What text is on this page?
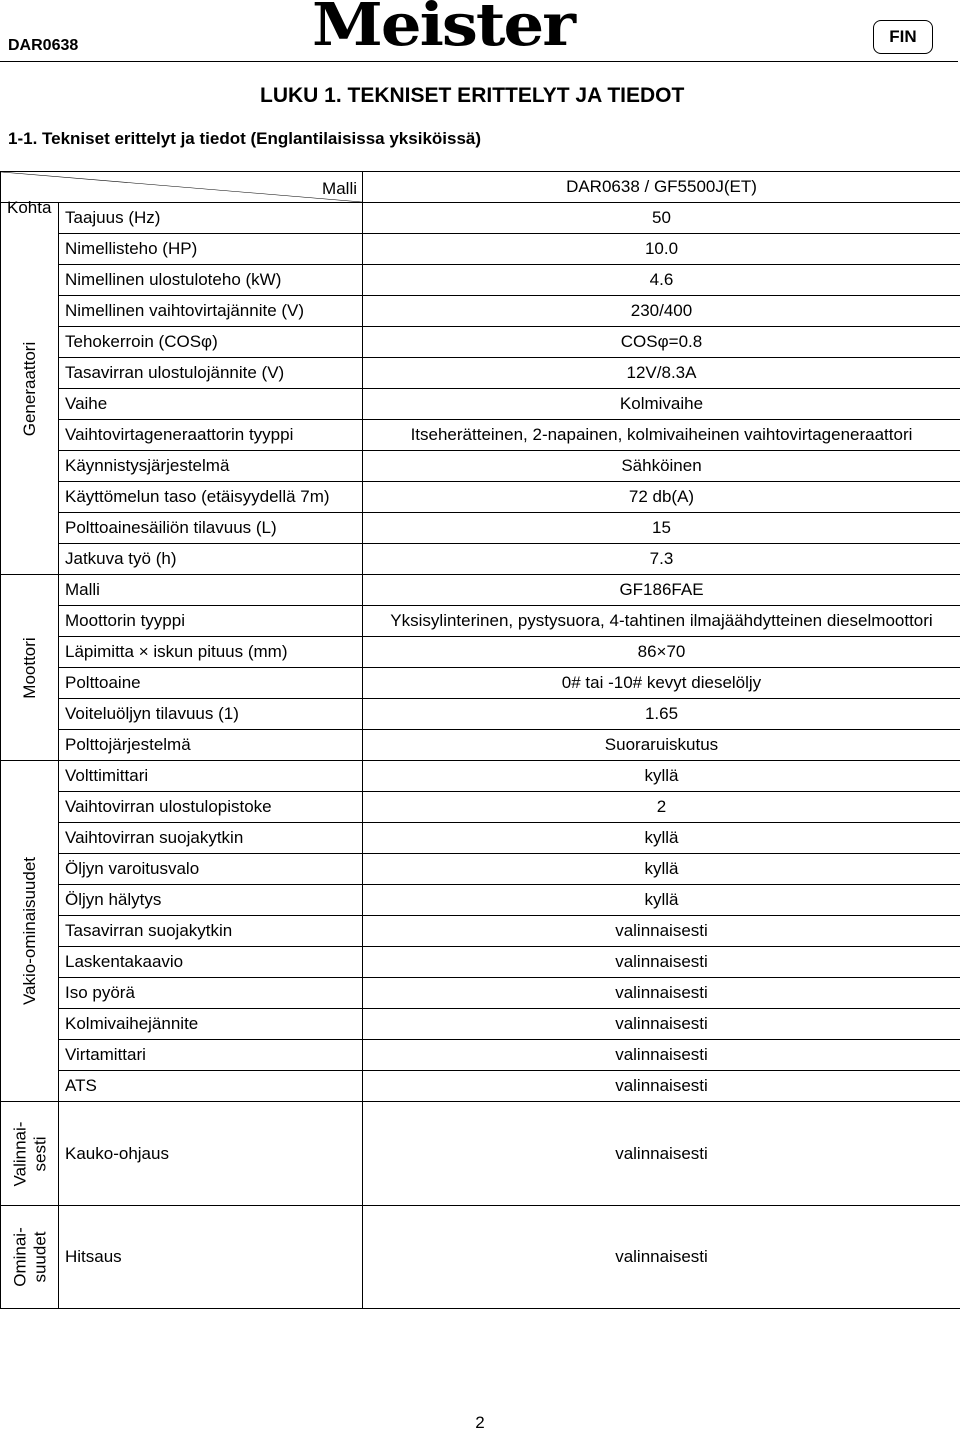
DAR0638	Meister	FIN
LUKU 1. TEKNISET ERITTELYT JA TIEDOT
1-1. Tekniset erittelyt ja tiedot (Englantilaisissa yksiköissä)
Kohta
Malli		DAR0638 / GF5500J(ET)

Generaattori	Taajuus (Hz)	50
	Nimellisteho (HP)	10.0
	Nimellinen ulostuloteho (kW)	4.6
	Nimellinen vaihtovirtajännite (V)	230/400
	Tehokerroin (COSφ)	COSφ=0.8
	Tasavirran ulostulojännite (V)	12V/8.3A
	Vaihe	Kolmivaihe
	Vaihtovirtageneraattorin tyyppi	Itseherätteinen, 2-napainen, kolmivaiheinen vaihtovirtageneraattori
	Käynnistysjärjestelmä	Sähköinen
	Käyttömelun taso (etäisyydellä 7m)	72 db(A)
	Polttoainesäiliön tilavuus (L)	15
	Jatkuva työ (h)	7.3

Moottori	Malli	GF186FAE
	Moottorin tyyppi	Yksisylinterinen, pystysuora, 4-tahtinen ilmajäähdytteinen dieselmoottori
	Läpimitta × iskun pituus (mm)	86×70
	Polttoaine	0# tai -10# kevyt dieselöljy
	Voiteluöljyn tilavuus (1)	1.65
	Polttojärjestelmä	Suoraruiskutus

Vakio-ominaisuudet	Volttimittari	kyllä
	Vaihtovirran ulostulopistoke	2
	Vaihtovirran suojakytkin	kyllä
	Öljyn varoitusvalo	kyllä
	Öljyn hälytys	kyllä
	Tasavirran suojakytkin	valinnaisesti
	Laskentakaavio	valinnaisesti
	Iso pyörä	valinnaisesti
	Kolmivaihejännite	valinnaisesti
	Virtamittari	valinnaisesti
	ATS	valinnaisesti

Valinnai-
sesti	Kauko-ohjaus	valinnaisesti

Ominai-
suudet	Hitsaus	valinnaisesti
2
